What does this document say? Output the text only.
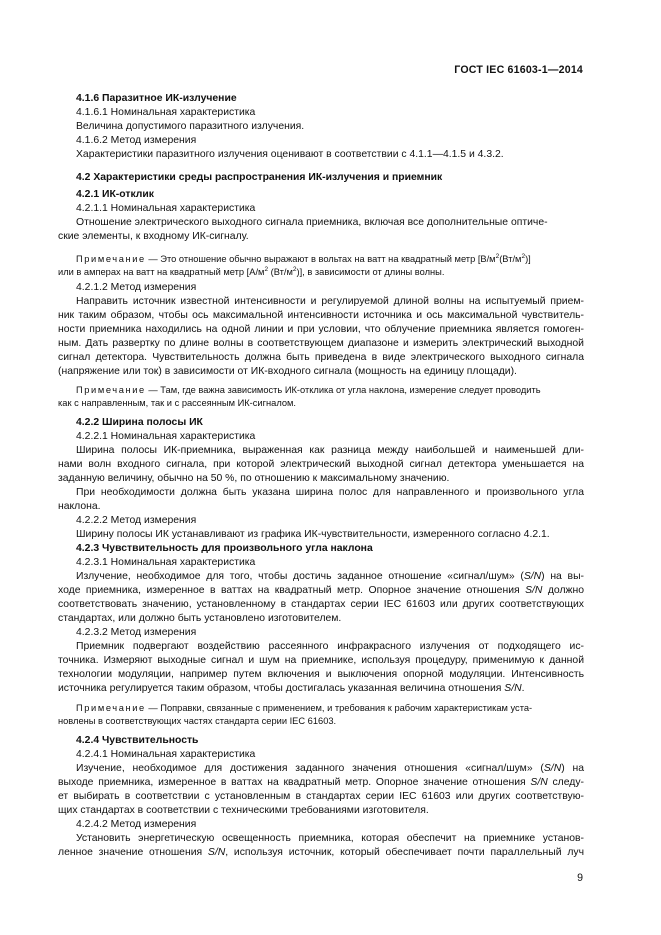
ГОСТ IEC 61603-1—2014
4.1.6 Паразитное ИК-излучение
4.1.6.1 Номинальная характеристика
Величина допустимого паразитного излучения.
4.1.6.2 Метод измерения
Характеристики паразитного излучения оценивают в соответствии с 4.1.1—4.1.5 и 4.3.2.
4.2 Характеристики среды распространения ИК-излучения и приемник
4.2.1 ИК-отклик
4.2.1.1 Номинальная характеристика
Отношение электрического выходного сигнала приемника, включая все дополнительные оптиче-
ские элементы, к входному ИК-сигналу.
Примечание — Это отношение обычно выражают в вольтах на ватт на квадратный метр $[В/м^2(Вт/м^2)]$
или в амперах на ватт на квадратный метр [$А/м^2$ $(Вт/м^2)$], в зависимости от длины волны.
4.2.1.2 Метод измерения
Направить источник известной интенсивности и регулируемой длиной волны на испытуемый прием-
ник таким образом, чтобы ось максимальной интенсивности источника и ось максимальной чувствитель-
ности приемника находились на одной линии и при условии, что облучение приемника является гомоген-
ным. Дать развертку по длине волны в соответствующем диапазоне и измерить электрический выходной
сигнал детектора. Чувствительность должна быть приведена в виде электрического выходного сигнала
(напряжение или ток) в зависимости от ИК-входного сигнала (мощность на единицу площади).
Примечание — Там, где важна зависимость ИК-отклика от угла наклона, измерение следует проводить
как с направленным, так и с рассеянным ИК-сигналом.
4.2.2 Ширина полосы ИК
4.2.2.1 Номинальная характеристика
Ширина полосы ИК-приемника, выраженная как разница между наибольшей и наименьшей дли-
нами волн входного сигнала, при которой электрический выходной сигнал детектора уменьшается на
заданную величину, обычно на 50 %, по отношению к максимальному значению.
При необходимости должна быть указана ширина полос для направленного и произвольного угла
наклона.
4.2.2.2 Метод измерения
Ширину полосы ИК устанавливают из графика ИК-чувствительности, измеренного согласно 4.2.1.
4.2.3 Чувствительность для произвольного угла наклона
4.2.3.1 Номинальная характеристика
Излучение, необходимое для того, чтобы достичь заданное отношение «сигнал/шум» (S/N) на вы-
ходе приемника, измеренное в ваттах на квадратный метр. Опорное значение отношения S/N должно
соответствовать значению, установленному в стандартах серии IEC 61603 или других соответствующих
стандартах, или должно быть установлено изготовителем.
4.2.3.2 Метод измерения
Приемник подвергают воздействию рассеянного инфракрасного излучения от подходящего ис-
точника. Измеряют выходные сигнал и шум на приемнике, используя процедуру, применимую к данной
технологии модуляции, например путем включения и выключения опорной модуляции. Интенсивность
источника регулируется таким образом, чтобы достигалась указанная величина отношения S/N.
Примечание — Поправки, связанные с применением, и требования к рабочим характеристикам уста-
новлены в соответствующих частях стандарта серии IEC 61603.
4.2.4 Чувствительность
4.2.4.1 Номинальная характеристика
Изучение, необходимое для достижения заданного значения отношения «сигнал/шум» (S/N) на
выходе приемника, измеренное в ваттах на квадратный метр. Опорное значение отношения S/N следу-
ет выбирать в соответствии с установленным в стандартах серии IEC 61603 или других соответствую-
щих стандартах в соответствии с техническими требованиями изготовителя.
4.2.4.2 Метод измерения
Установить энергетическую освещенность приемника, которая обеспечит на приемнике установ-
ленное значение отношения S/N, используя источник, который обеспечивает почти параллельный луч
9
